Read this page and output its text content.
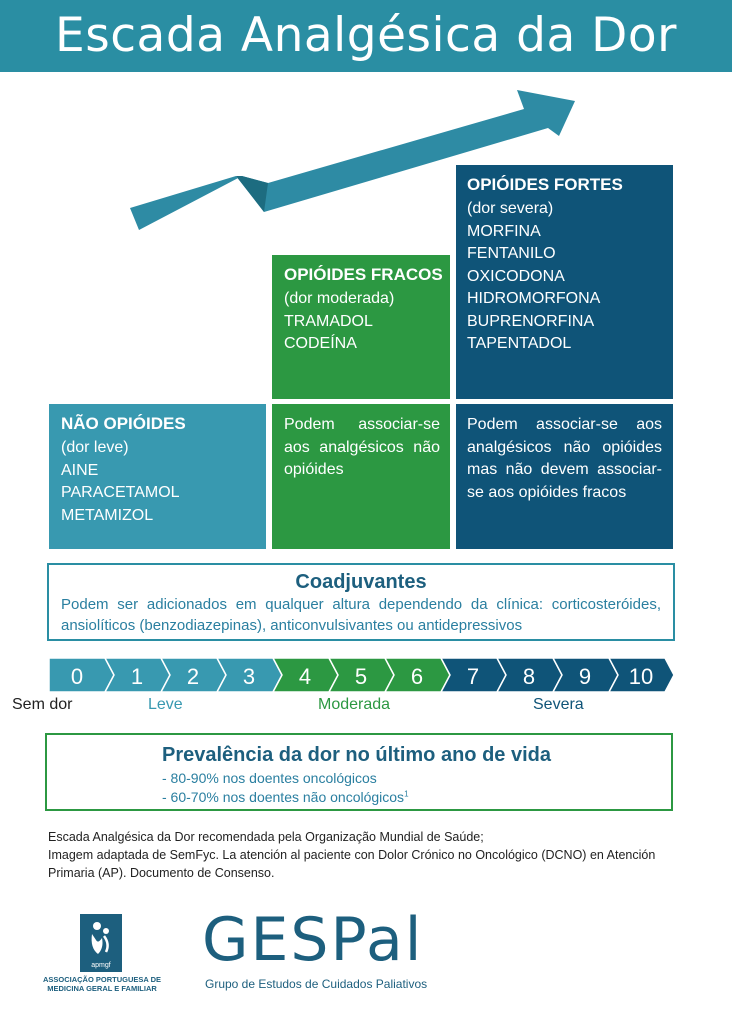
Escada Analgésica da Dor
OPIÓIDES FORTES
(dor severa)
MORFINA
FENTANILO
OXICODONA
HIDROMORFONA
BUPRENORFINA
TAPENTADOL
OPIÓIDES FRACOS
(dor moderada)
TRAMADOL
CODEÍNA
NÃO OPIÓIDES
(dor leve)
AINE
PARACETAMOL
METAMIZOL
Podem associar-se aos analgésicos não opióides
Podem associar-se aos analgésicos não opióides mas não devem associar-se aos opióides fracos
Coadjuvantes
Podem ser adicionados em qualquer altura dependendo da clínica: corticosteróides, ansiolíticos (benzodiazepinas), anticonvulsivantes ou antidepressivos
0 1 2 3 4 5 6 7 8 9 10
Sem dor	Leve	Moderada	Severa
Prevalência da dor no último ano de vida
- 80-90% nos doentes oncológicos
- 60-70% nos doentes não oncológicos$^1$
Escada Analgésica da Dor recomendada pela Organização Mundial de Saúde;
Imagem adaptada de SemFyc. La atención al paciente con Dolor Crónico no Oncológico (DCNO) en Atención Primaria (AP). Documento de Consenso.
apmgf
ASSOCIAÇÃO PORTUGUESA DE MEDICINA GERAL E FAMILIAR
GESPal
Grupo de Estudos de Cuidados Paliativos
